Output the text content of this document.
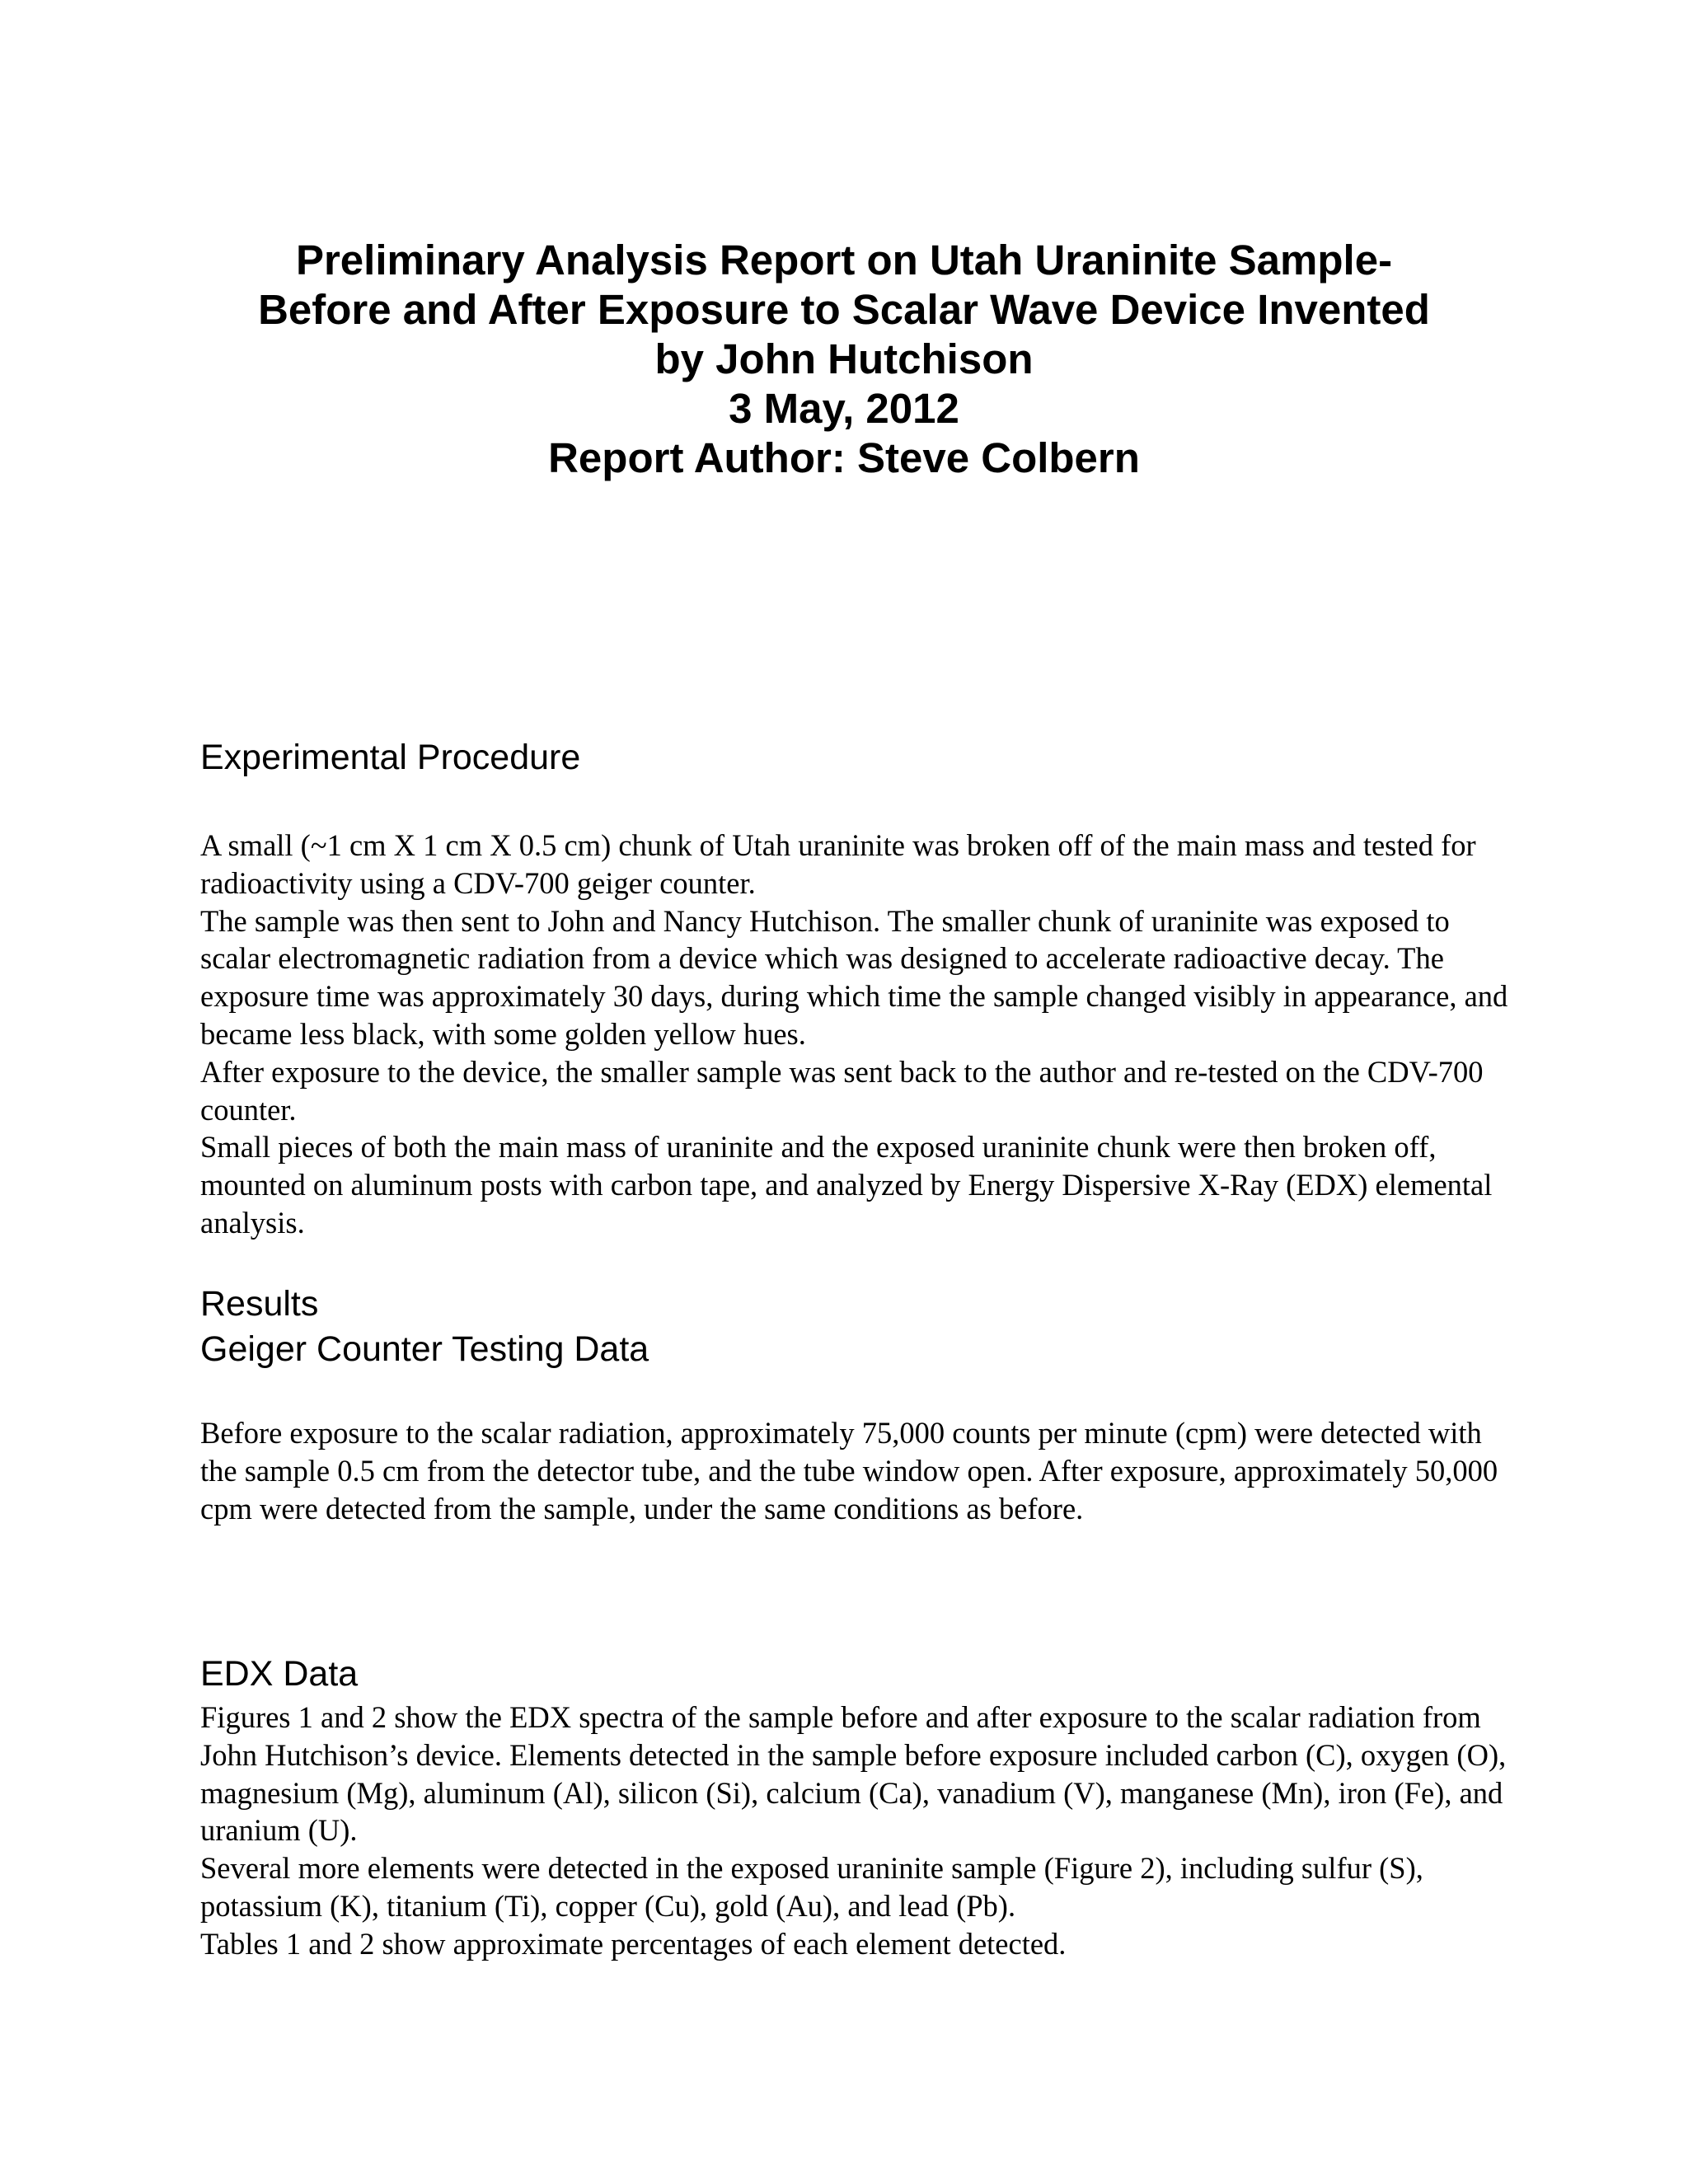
Preliminary Analysis Report on Utah Uraninite Sample-
Before and After Exposure to Scalar Wave Device Invented
by John Hutchison
3 May, 2012
Report Author: Steve Colbern
Experimental Procedure

A small (~1 cm X 1 cm X 0.5 cm) chunk of Utah uraninite was broken off of the main mass and tested for radioactivity using a CDV-700 geiger counter.

The sample was then sent to John and Nancy Hutchison. The smaller chunk of uraninite was exposed to scalar electromagnetic radiation from a device which was designed to accelerate radioactive decay. The exposure time was approximately 30 days, during which time the sample changed visibly in appearance, and became less black, with some golden yellow hues.

After exposure to the device, the smaller sample was sent back to the author and re-tested on the CDV-700 counter.

Small pieces of both the main mass of uraninite and the exposed uraninite chunk were then broken off, mounted on aluminum posts with carbon tape, and analyzed by Energy Dispersive X-Ray (EDX) elemental analysis.

Results
Geiger Counter Testing Data

Before exposure to the scalar radiation, approximately 75,000 counts per minute (cpm) were detected with the sample 0.5 cm from the detector tube, and the tube window open. After exposure, approximately 50,000 cpm were detected from the sample, under the same conditions as before.

EDX Data

Figures 1 and 2 show the EDX spectra of the sample before and after exposure to the scalar radiation from John Hutchison’s device. Elements detected in the sample before exposure included carbon (C), oxygen (O), magnesium (Mg), aluminum (Al), silicon (Si), calcium (Ca), vanadium (V), manganese (Mn), iron (Fe), and uranium (U).

Several more elements were detected in the exposed uraninite sample (Figure 2), including sulfur (S), potassium (K), titanium (Ti), copper (Cu), gold (Au), and lead (Pb).

Tables 1 and 2 show approximate percentages of each element detected.
